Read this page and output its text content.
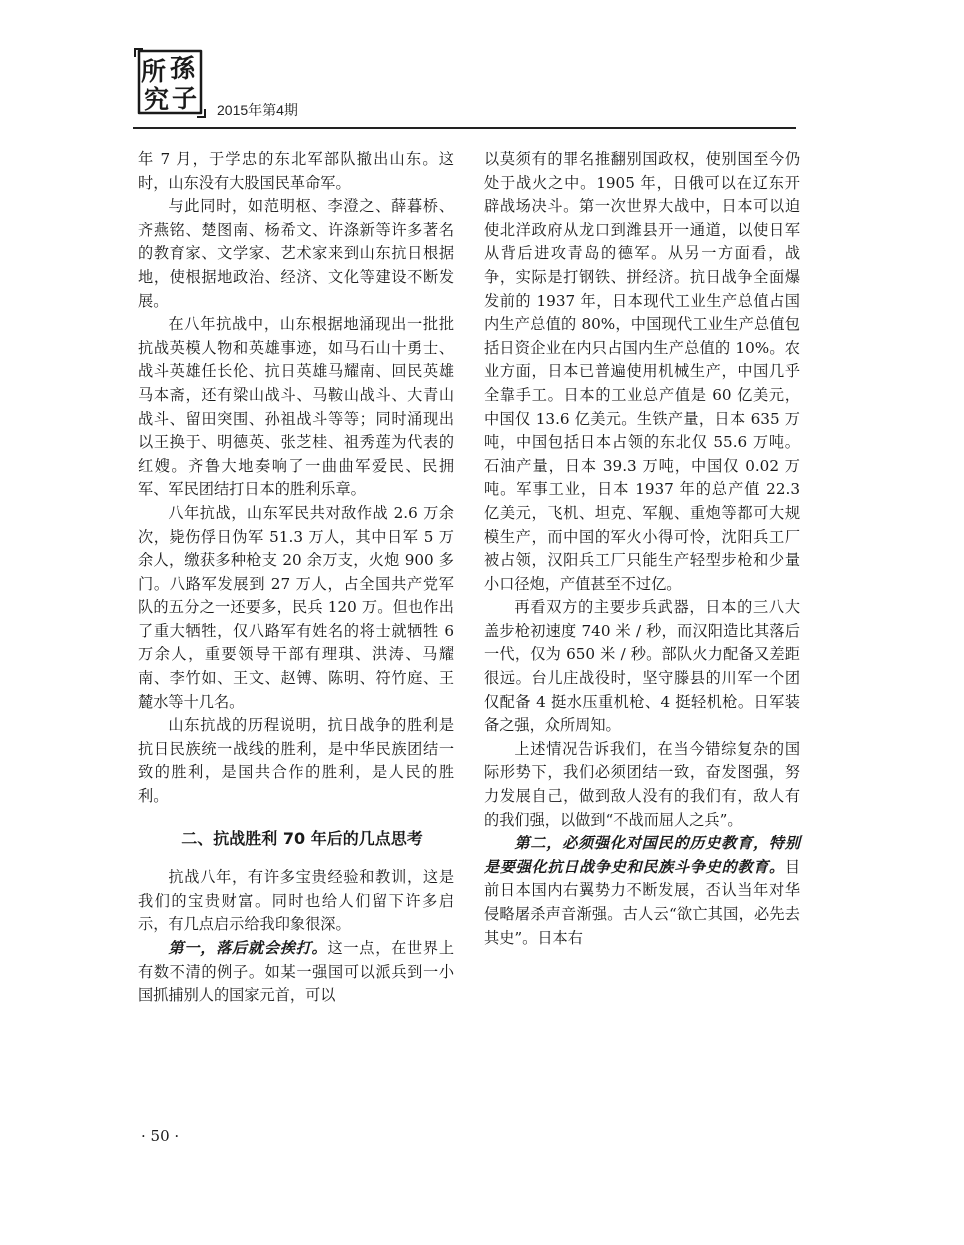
所 孫
究 子 2015年第4期

年 7 月，于学忠的东北军部队撤出山东。这时，山东没有大股国民革命军。

与此同时，如范明枢、李澄之、薛暮桥、齐燕铭、楚图南、杨希文、许涤新等许多著名的教育家、文学家、艺术家来到山东抗日根据地，使根据地政治、经济、文化等建设不断发展。

在八年抗战中，山东根据地涌现出一批批抗战英模人物和英雄事迹，如马石山十勇士、战斗英雄任长伦、抗日英雄马耀南、回民英雄马本斋，还有梁山战斗、马鞍山战斗、大青山战斗、留田突围、孙祖战斗等等；同时涌现出以王换于、明德英、张芝桂、祖秀莲为代表的红嫂。齐鲁大地奏响了一曲曲军爱民、民拥军、军民团结打日本的胜利乐章。

八年抗战，山东军民共对敌作战 2.6 万余次，毙伤俘日伪军 51.3 万人，其中日军 5 万余人，缴获多种枪支 20 余万支，火炮 900 多门。八路军发展到 27 万人，占全国共产党军队的五分之一还要多，民兵 120 万。但也作出了重大牺牲，仅八路军有姓名的将士就牺牲 6 万余人，重要领导干部有理琪、洪涛、马耀南、李竹如、王文、赵镈、陈明、符竹庭、王麓水等十几名。

山东抗战的历程说明，抗日战争的胜利是抗日民族统一战线的胜利，是中华民族团结一致的胜利，是国共合作的胜利，是人民的胜利。

二、抗战胜利 70 年后的几点思考

抗战八年，有许多宝贵经验和教训，这是我们的宝贵财富。同时也给人们留下许多启示，有几点启示给我印象很深。

第一，落后就会挨打。这一点，在世界上有数不清的例子。如某一强国可以派兵到一小国抓捕别人的国家元首，可以

以莫须有的罪名推翻别国政权，使别国至今仍处于战火之中。1905 年，日俄可以在辽东开辟战场决斗。第一次世界大战中，日本可以迫使北洋政府从龙口到潍县开一通道，以使日军从背后进攻青岛的德军。从另一方面看，战争，实际是打钢铁、拼经济。抗日战争全面爆发前的 1937 年，日本现代工业生产总值占国内生产总值的 80%，中国现代工业生产总值包括日资企业在内只占国内生产总值的 10%。农业方面，日本已普遍使用机械生产，中国几乎全靠手工。日本的工业总产值是 60 亿美元，中国仅 13.6 亿美元。生铁产量，日本 635 万吨，中国包括日本占领的东北仅 55.6 万吨。石油产量，日本 39.3 万吨，中国仅 0.02 万吨。军事工业，日本 1937 年的总产值 22.3 亿美元，飞机、坦克、军舰、重炮等都可大规模生产，而中国的军火小得可怜，沈阳兵工厂被占领，汉阳兵工厂只能生产轻型步枪和少量小口径炮，产值甚至不过亿。

再看双方的主要步兵武器，日本的三八大盖步枪初速度 740 米 / 秒，而汉阳造比其落后一代，仅为 650 米 / 秒。部队火力配备又差距很远。台儿庄战役时，坚守滕县的川军一个团仅配备 4 挺水压重机枪、4 挺轻机枪。日军装备之强，众所周知。

上述情况告诉我们，在当今错综复杂的国际形势下，我们必须团结一致，奋发图强，努力发展自己，做到敌人没有的我们有，敌人有的我们强，以做到“不战而屈人之兵”。

第二，必须强化对国民的历史教育，特别是要强化抗日战争史和民族斗争史的教育。目前日本国内右翼势力不断发展，否认当年对华侵略屠杀声音渐强。古人云“欲亡其国，必先去其史”。日本右

· 50 ·
